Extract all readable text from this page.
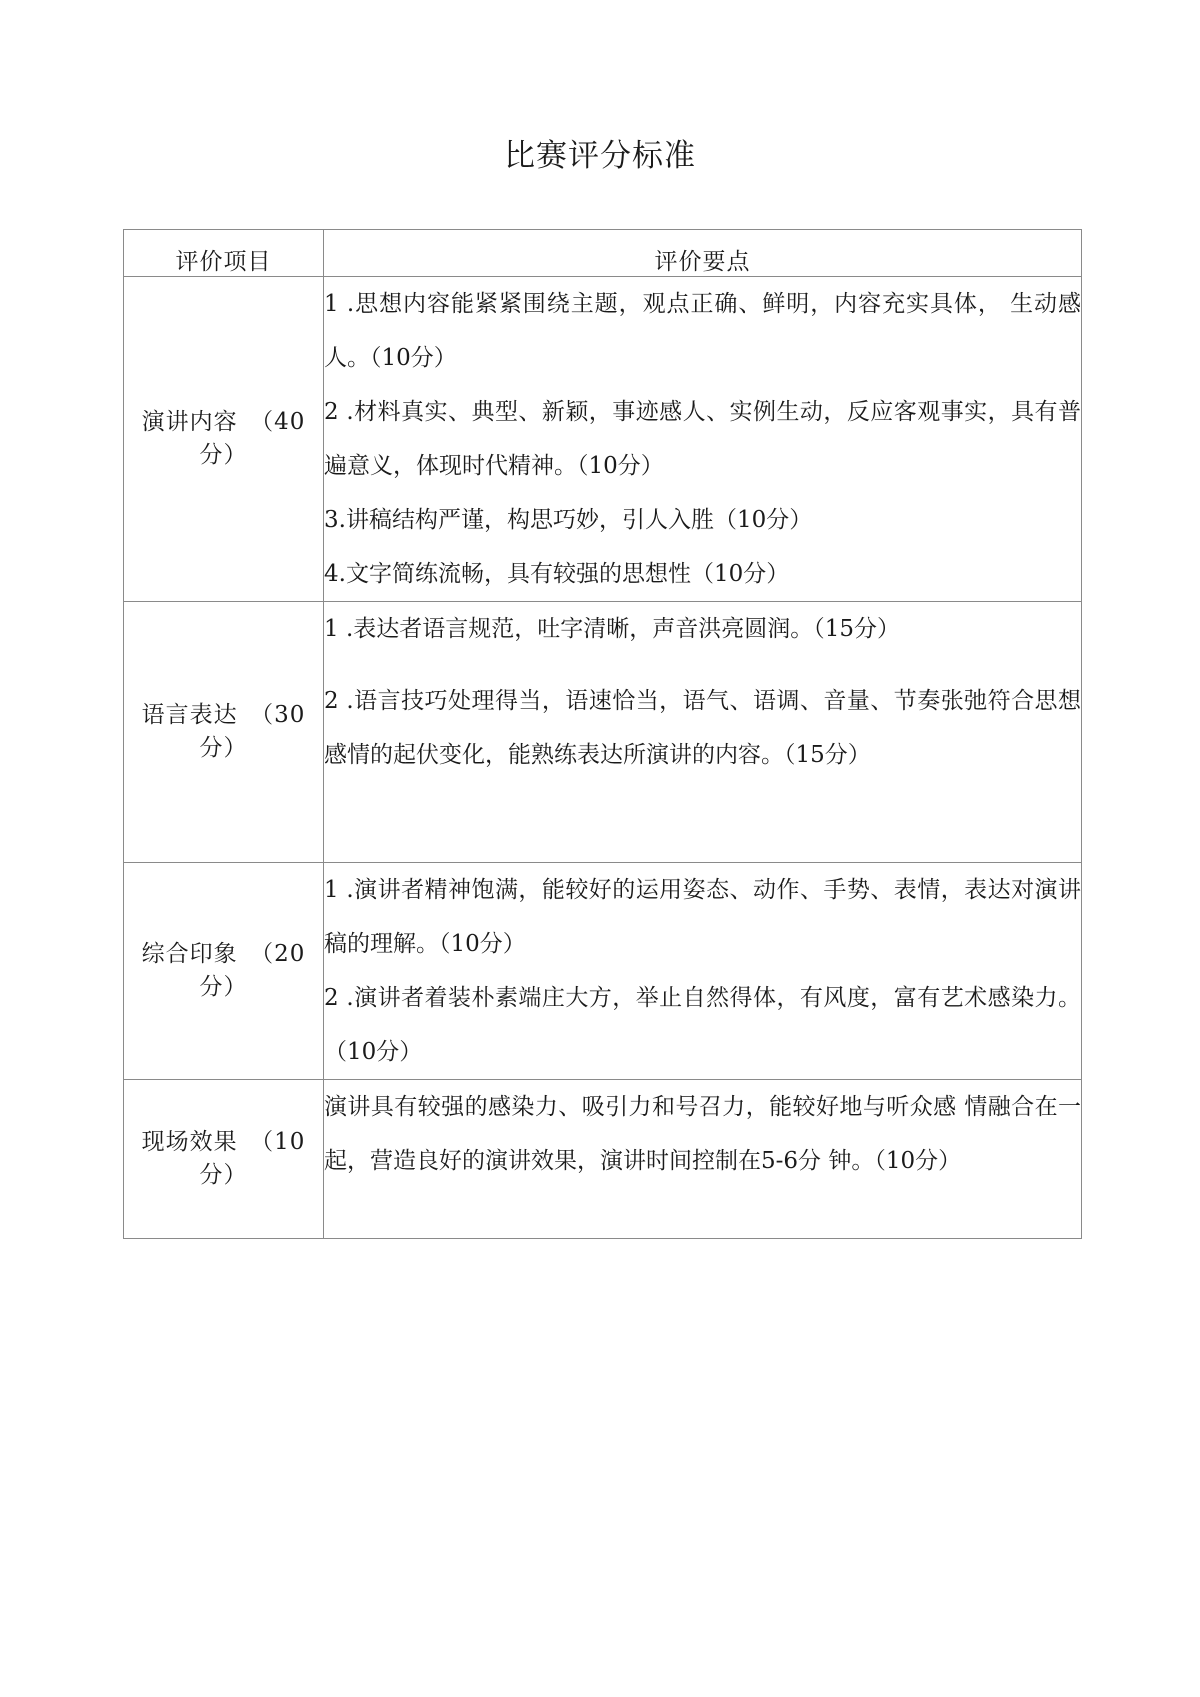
比赛评分标准
评价项目	评价要点

演讲内容　（40
分）	1 .思想内容能紧紧围绕主题，观点正确、鲜明，内容充实具体， 生动感人。（10分）
2 .材料真实、典型、新颖，事迹感人、实例生动，反应客观事实，具有普遍意义，体现时代精神。（10分）
3.讲稿结构严谨，构思巧妙，引人入胜（10分）
4.文字简练流畅，具有较强的思想性（10分）

语言表达　（30
分）	1 .表达者语言规范，吐字清晰，声音洪亮圆润。（15分）
2 .语言技巧处理得当，语速恰当，语气、语调、音量、节奏张弛符合思想感情的起伏变化，能熟练表达所演讲的内容。（15分）

综合印象　（20
分）	1 .演讲者精神饱满，能较好的运用姿态、动作、手势、表情，表达对演讲稿的理解。（10分）
2 .演讲者着装朴素端庄大方，举止自然得体，有风度，富有艺术感染力。（10分）

现场效果　（10
分）	演讲具有较强的感染力、吸引力和号召力，能较好地与听众感 情融合在一起，营造良好的演讲效果，演讲时间控制在5-6分 钟。（10分）
